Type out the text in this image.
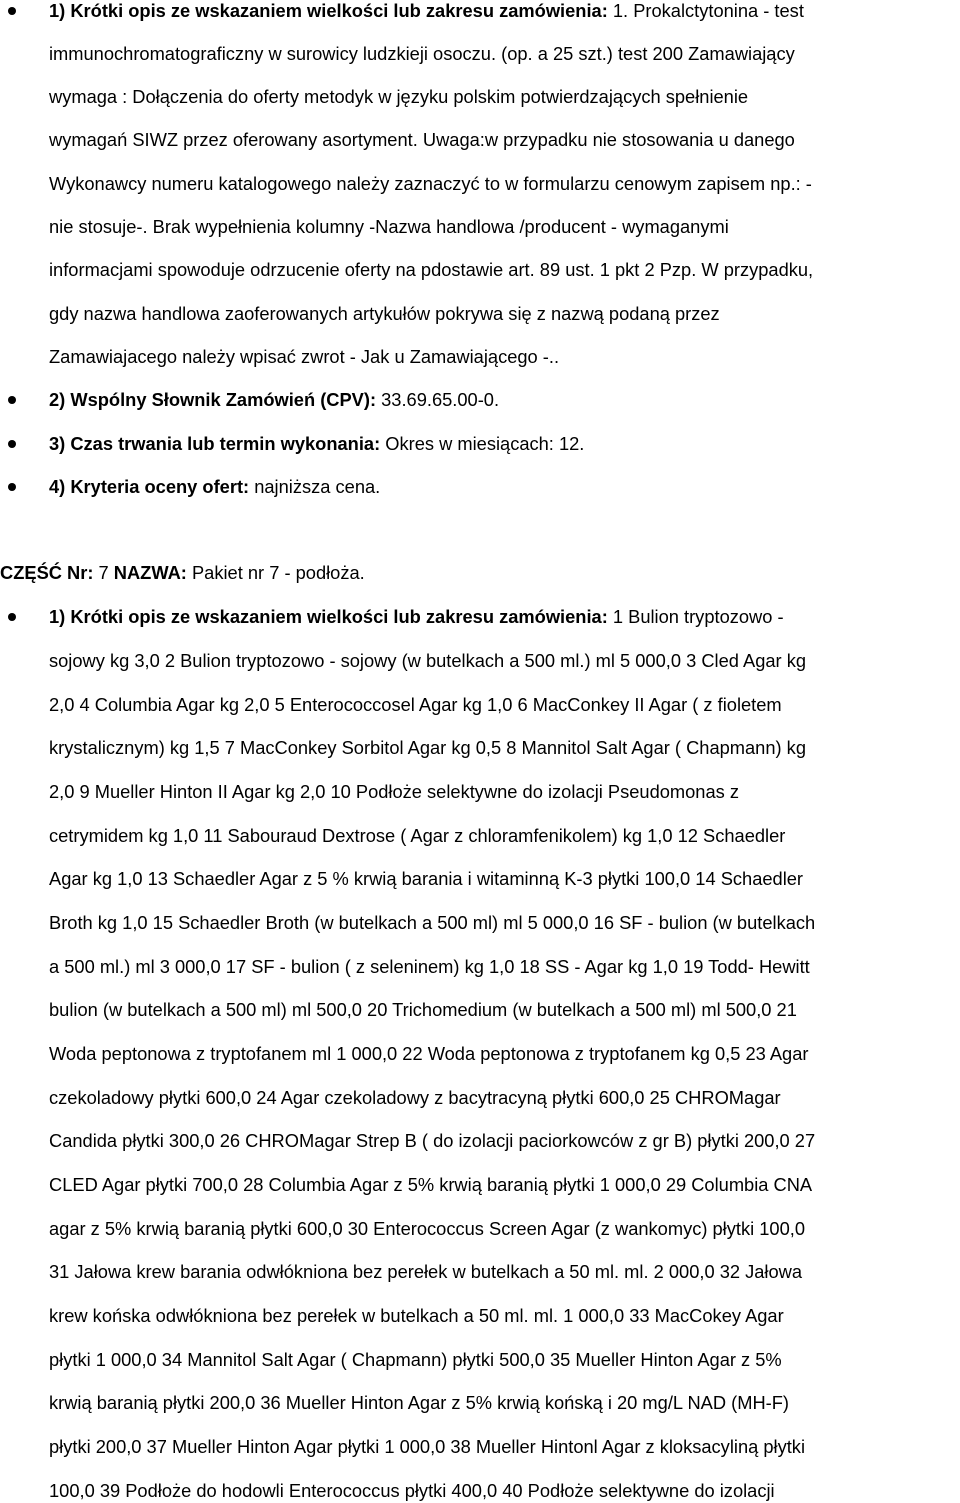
1) Krótki opis ze wskazaniem wielkości lub zakresu zamówienia: 1. Prokalctytonina - test
immunochromatograficzny w surowicy ludzkieji osoczu. (op. a 25 szt.) test 200 Zamawiający
wymaga : Dołączenia do oferty metodyk w języku polskim potwierdzających spełnienie
wymagań SIWZ przez oferowany asortyment. Uwaga:w przypadku nie stosowania u danego
Wykonawcy numeru katalogowego należy zaznaczyć to w formularzu cenowym zapisem np.: -
nie stosuje-. Brak wypełnienia kolumny -Nazwa handlowa /producent - wymaganymi
informacjami spowoduje odrzucenie oferty na pdostawie art. 89 ust. 1 pkt 2 Pzp. W przypadku,
gdy nazwa handlowa zaoferowanych artykułów pokrywa się z nazwą podaną przez
Zamawiajacego należy wpisać zwrot - Jak u Zamawiającego -..
2) Wspólny Słownik Zamówień (CPV): 33.69.65.00-0.
3) Czas trwania lub termin wykonania: Okres w miesiącach: 12.
4) Kryteria oceny ofert: najniższa cena.
CZĘŚĆ Nr: 7 NAZWA: Pakiet nr 7 - podłoża.
1) Krótki opis ze wskazaniem wielkości lub zakresu zamówienia: 1 Bulion tryptozowo -
sojowy kg 3,0 2 Bulion tryptozowo - sojowy (w butelkach a 500 ml.) ml 5 000,0 3 Cled Agar kg
2,0 4 Columbia Agar kg 2,0 5 Enterococcosel Agar kg 1,0 6 MacConkey II Agar ( z fioletem
krystalicznym) kg 1,5 7 MacConkey Sorbitol Agar kg 0,5 8 Mannitol Salt Agar ( Chapmann) kg
2,0 9 Mueller Hinton II Agar kg 2,0 10 Podłoże selektywne do izolacji Pseudomonas z
cetrymidem kg 1,0 11 Sabouraud Dextrose ( Agar z chloramfenikolem) kg 1,0 12 Schaedler
Agar kg 1,0 13 Schaedler Agar z 5 % krwią barania i witaminną K-3 płytki 100,0 14 Schaedler
Broth kg 1,0 15 Schaedler Broth (w butelkach a 500 ml) ml 5 000,0 16 SF - bulion (w butelkach
a 500 ml.) ml 3 000,0 17 SF - bulion ( z seleninem) kg 1,0 18 SS - Agar kg 1,0 19 Todd- Hewitt
bulion (w butelkach a 500 ml) ml 500,0 20 Trichomedium (w butelkach a 500 ml) ml 500,0 21
Woda peptonowa z tryptofanem ml 1 000,0 22 Woda peptonowa z tryptofanem kg 0,5 23 Agar
czekoladowy płytki 600,0 24 Agar czekoladowy z bacytracyną płytki 600,0 25 CHROMagar
Candida płytki 300,0 26 CHROMagar Strep B ( do izolacji paciorkowców z gr B) płytki 200,0 27
CLED Agar płytki 700,0 28 Columbia Agar z 5% krwią baranią płytki 1 000,0 29 Columbia CNA
agar z 5% krwią baranią płytki 600,0 30 Enterococcus Screen Agar (z wankomyc) płytki 100,0
31 Jałowa krew barania odwłókniona bez perełek w butelkach a 50 ml. ml. 2 000,0 32 Jałowa
krew końska odwłókniona bez perełek w butelkach a 50 ml. ml. 1 000,0 33 MacCokey Agar
płytki 1 000,0 34 Mannitol Salt Agar ( Chapmann) płytki 500,0 35 Mueller Hinton Agar z 5%
krwią baranią płytki 200,0 36 Mueller Hinton Agar z 5% krwią końską i 20 mg/L NAD (MH-F)
płytki 200,0 37 Mueller Hinton Agar płytki 1 000,0 38 Mueller Hintonl Agar z kloksacyliną płytki
100,0 39 Podłoże do hodowli Enterococcus płytki 400,0 40 Podłoże selektywne do izolacji
